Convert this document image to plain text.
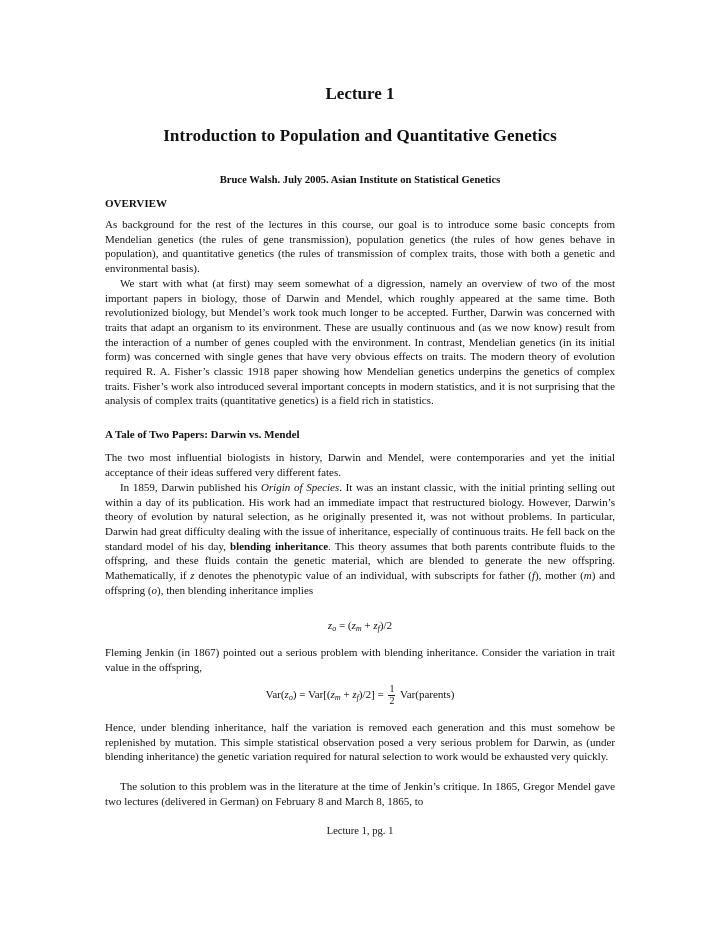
Lecture 1
Introduction to Population and Quantitative Genetics
Bruce Walsh. July 2005. Asian Institute on Statistical Genetics
OVERVIEW
As background for the rest of the lectures in this course, our goal is to introduce some basic concepts from Mendelian genetics (the rules of gene transmission), population genetics (the rules of how genes behave in population), and quantitative genetics (the rules of transmission of complex traits, those with both a genetic and environmental basis).
We start with what (at first) may seem somewhat of a digression, namely an overview of two of the most important papers in biology, those of Darwin and Mendel, which roughly appeared at the same time. Both revolutionized biology, but Mendel’s work took much longer to be accepted. Further, Darwin was concerned with traits that adapt an organism to its environment. These are usually continuous and (as we now know) result from the interaction of a number of genes coupled with the environment. In contrast, Mendelian genetics (in its initial form) was concerned with single genes that have very obvious effects on traits. The modern theory of evolution required R. A. Fisher’s classic 1918 paper showing how Mendelian genetics underpins the genetics of complex traits. Fisher’s work also introduced several important concepts in modern statistics, and it is not surprising that the analysis of complex traits (quantitative genetics) is a field rich in statistics.
A Tale of Two Papers: Darwin vs. Mendel
The two most influential biologists in history, Darwin and Mendel, were contemporaries and yet the initial acceptance of their ideas suffered very different fates.
In 1859, Darwin published his Origin of Species. It was an instant classic, with the initial printing selling out within a day of its publication. His work had an immediate impact that restructured biology. However, Darwin’s theory of evolution by natural selection, as he originally presented it, was not without problems. In particular, Darwin had great difficulty dealing with the issue of inheritance, especially of continuous traits. He fell back on the standard model of his day, blending inheritance. This theory assumes that both parents contribute fluids to the offspring, and these fluids contain the genetic material, which are blended to generate the new offspring. Mathematically, if z denotes the phenotypic value of an individual, with subscripts for father (f), mother (m) and offspring (o), then blending inheritance implies
$z_o = (z_m + z_f)/2$
Fleming Jenkin (in 1867) pointed out a serious problem with blending inheritance. Consider the variation in trait value in the offspring,
$Var(z_o) = Var[(z_m + z_f)/2] = \frac{1}{2}$ Var(parents)
Hence, under blending inheritance, half the variation is removed each generation and this must somehow be replenished by mutation. This simple statistical observation posed a very serious problem for Darwin, as (under blending inheritance) the genetic variation required for natural selection to work would be exhausted very quickly.
The solution to this problem was in the literature at the time of Jenkin’s critique. In 1865, Gregor Mendel gave two lectures (delivered in German) on February 8 and March 8, 1865, to
Lecture 1, pg. 1
